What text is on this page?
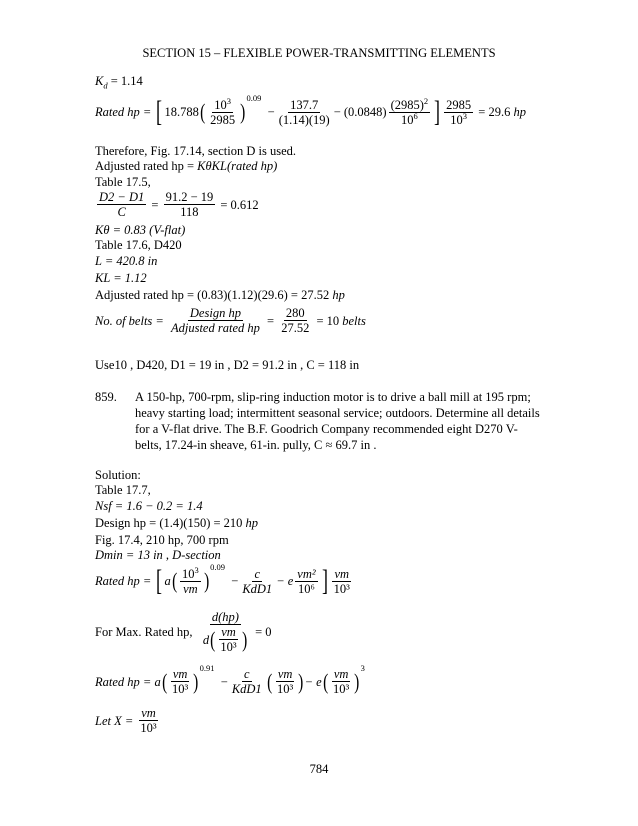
SECTION 15 – FLEXIBLE POWER-TRANSMITTING ELEMENTS
$K_d = 1.14$
Rated hp =
[ 18.788 ( $\frac{10^3}{2985}$ )
$^{0.09}$
− $\frac{137.7}{(1.14)(19)} - (0.0848) \frac{(2985)^2}{10^6}$ ] $\frac{2985}{10^3}$
= 29.6
hp
Therefore, Fig. 17.14, section D is used.
Adjusted rated hp = KθKL(rated hp)
Table 17.5,
$\frac{D2 - D1}{C} = \frac{91.2 - 19}{118}$
= 0.612
Kθ = 0.83 (V-flat)
Table 17.6, D420
L = 420.8 in
KL = 1.12
Adjusted rated hp = (0.83)(1.12)(29.6) = 27.52 hp
No. of belts =
$\frac{\text{Design hp}}{\text{Adjusted rated hp}} = \frac{280}{27.52}$
= 10
belts
Use10 , D420, D1 = 19 in , D2 = 91.2 in , C = 118 in
859. A 150-hp, 700-rpm, slip-ring induction motor is to drive a ball mill at 195 rpm;
heavy starting load; intermittent seasonal service; outdoors. Determine all details
for a V-flat drive. The B.F. Goodrich Company recommended eight D270 V-
belts, 17.24-in sheave, 61-in. pully, C ≈ 69.7 in .
Solution:
Table 17.7,
Nsf = 1.6 − 0.2 = 1.4
Design hp = (1.4)(150) = 210 hp
Fig. 17.4, 210 hp, 700 rpm
Dmin = 13 in , D-section
Rated hp =
[ a ( $\frac{10^3}{vm}$ )
$^{0.09}$
− $\frac{c}{\text{KdD1}} - e \frac{\text{vm²}}{\text{10⁶}}$ ] $\frac{vm}{\text{10³}}$
For Max. Rated hp,
$\frac{d(hp)}{d ( \frac{vm}{\text{10³}} )}$
= 0
Rated hp =
a ( $\frac{vm}{\text{10³}}$ )
$^{0.91}$
− $\frac{c}{\text{KdD1}}$ ( $\frac{vm}{\text{10³}}$ ) − e ( $\frac{vm}{\text{10³}}$ )
$^3$
Let X =
$\frac{vm}{\text{10³}}$
784
